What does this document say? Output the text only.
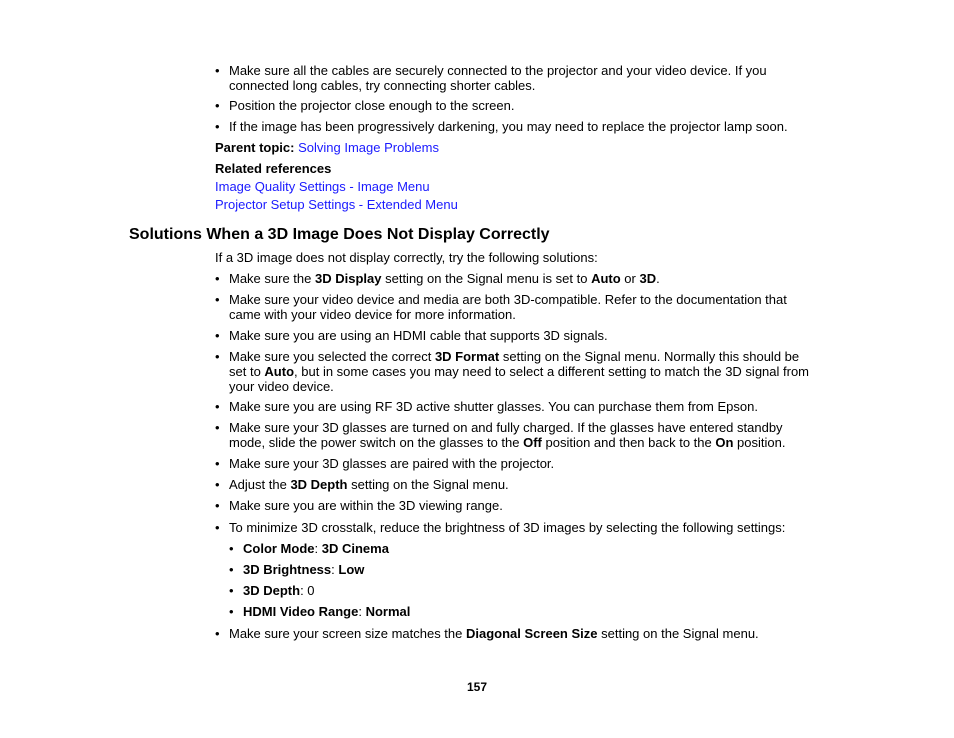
• Make sure all the cables are securely connected to the projector and your video device. If you connected long cables, try connecting shorter cables.
• Position the projector close enough to the screen.
• If the image has been progressively darkening, you may need to replace the projector lamp soon.
Parent topic: Solving Image Problems
Related references
Image Quality Settings - Image Menu
Projector Setup Settings - Extended Menu
Solutions When a 3D Image Does Not Display Correctly
If a 3D image does not display correctly, try the following solutions:
• Make sure the 3D Display setting on the Signal menu is set to Auto or 3D.
• Make sure your video device and media are both 3D-compatible. Refer to the documentation that came with your video device for more information.
• Make sure you are using an HDMI cable that supports 3D signals.
• Make sure you selected the correct 3D Format setting on the Signal menu. Normally this should be set to Auto, but in some cases you may need to select a different setting to match the 3D signal from your video device.
• Make sure you are using RF 3D active shutter glasses. You can purchase them from Epson.
• Make sure your 3D glasses are turned on and fully charged. If the glasses have entered standby mode, slide the power switch on the glasses to the Off position and then back to the On position.
• Make sure your 3D glasses are paired with the projector.
• Adjust the 3D Depth setting on the Signal menu.
• Make sure you are within the 3D viewing range.
• To minimize 3D crosstalk, reduce the brightness of 3D images by selecting the following settings:
• Color Mode: 3D Cinema
• 3D Brightness: Low
• 3D Depth: 0
• HDMI Video Range: Normal
• Make sure your screen size matches the Diagonal Screen Size setting on the Signal menu.
157
